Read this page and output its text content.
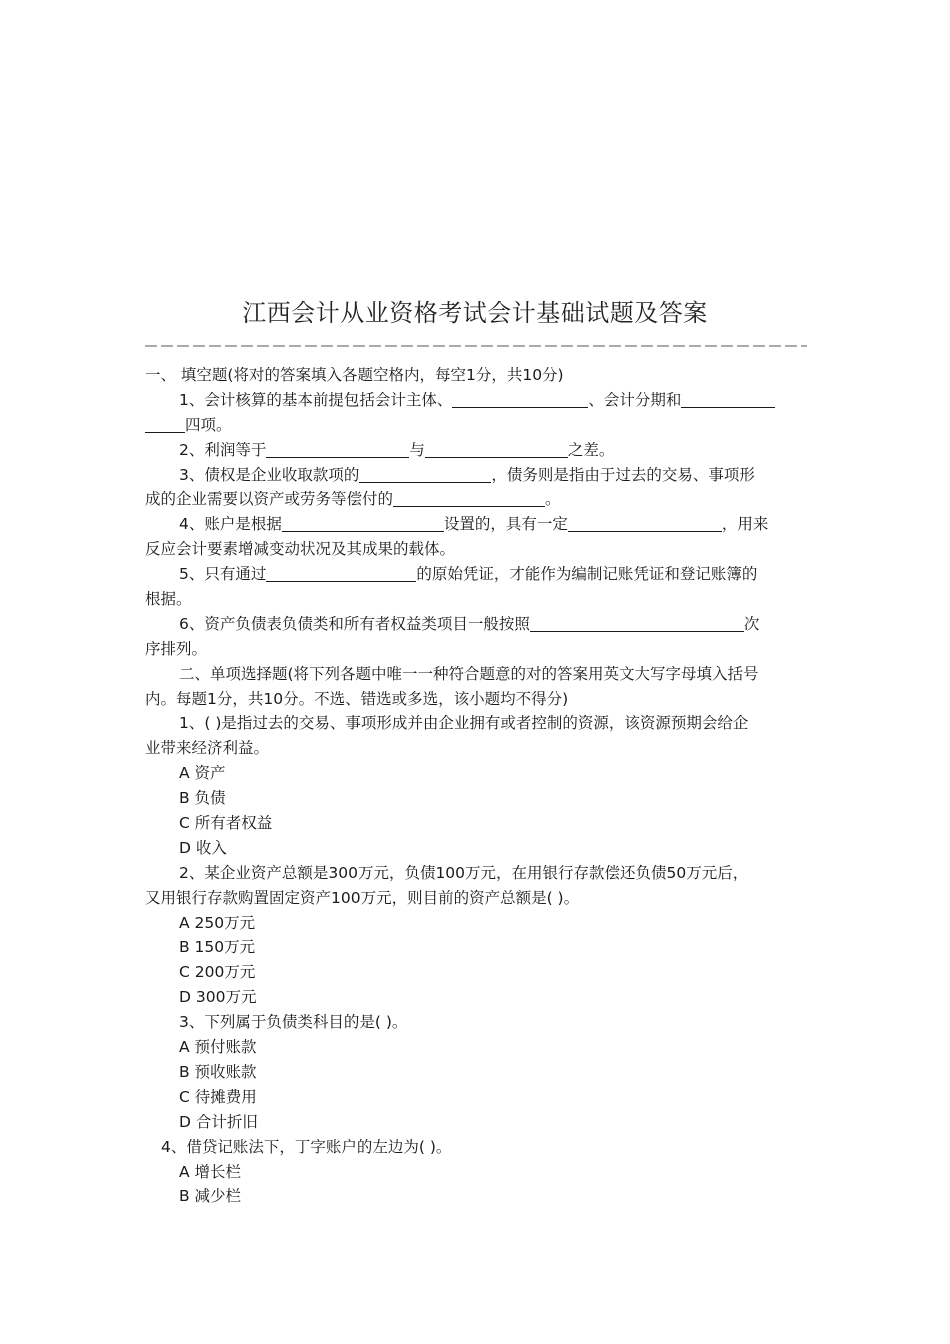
江西会计从业资格考试会计基础试题及答案
一、 填空题(将对的答案填入各题空格内，每空1分，共10分)
1、会计核算的基本前提包括会计主体、	、会计分期和
四项。
2、利润等于	与	之差。
3、债权是企业收取款项的	，债务则是指由于过去的交易、事项形
成的企业需要以资产或劳务等偿付的	。
4、账户是根据	设置的，具有一定	，用来
反应会计要素增减变动状况及其成果的载体。
5、只有通过	的原始凭证，才能作为编制记账凭证和登记账簿的
根据。
6、资产负债表负债类和所有者权益类项目一般按照	次
序排列。
二、单项选择题(将下列各题中唯一一种符合题意的对的答案用英文大写字母填入括号
内。每题1分，共10分。不选、错选或多选，该小题均不得分)
1、( )是指过去的交易、事项形成并由企业拥有或者控制的资源，该资源预期会给企
业带来经济利益。
A 资产
B 负债
C 所有者权益
D 收入
2、某企业资产总额是300万元，负债100万元，在用银行存款偿还负债50万元后，
又用银行存款购置固定资产100万元，则目前的资产总额是( )。
A 250万元
B 150万元
C 200万元
D 300万元
3、下列属于负债类科目的是( )。
A 预付账款
B 预收账款
C 待摊费用
D 合计折旧
4、借贷记账法下，丁字账户的左边为( )。
A 增长栏
B 减少栏
